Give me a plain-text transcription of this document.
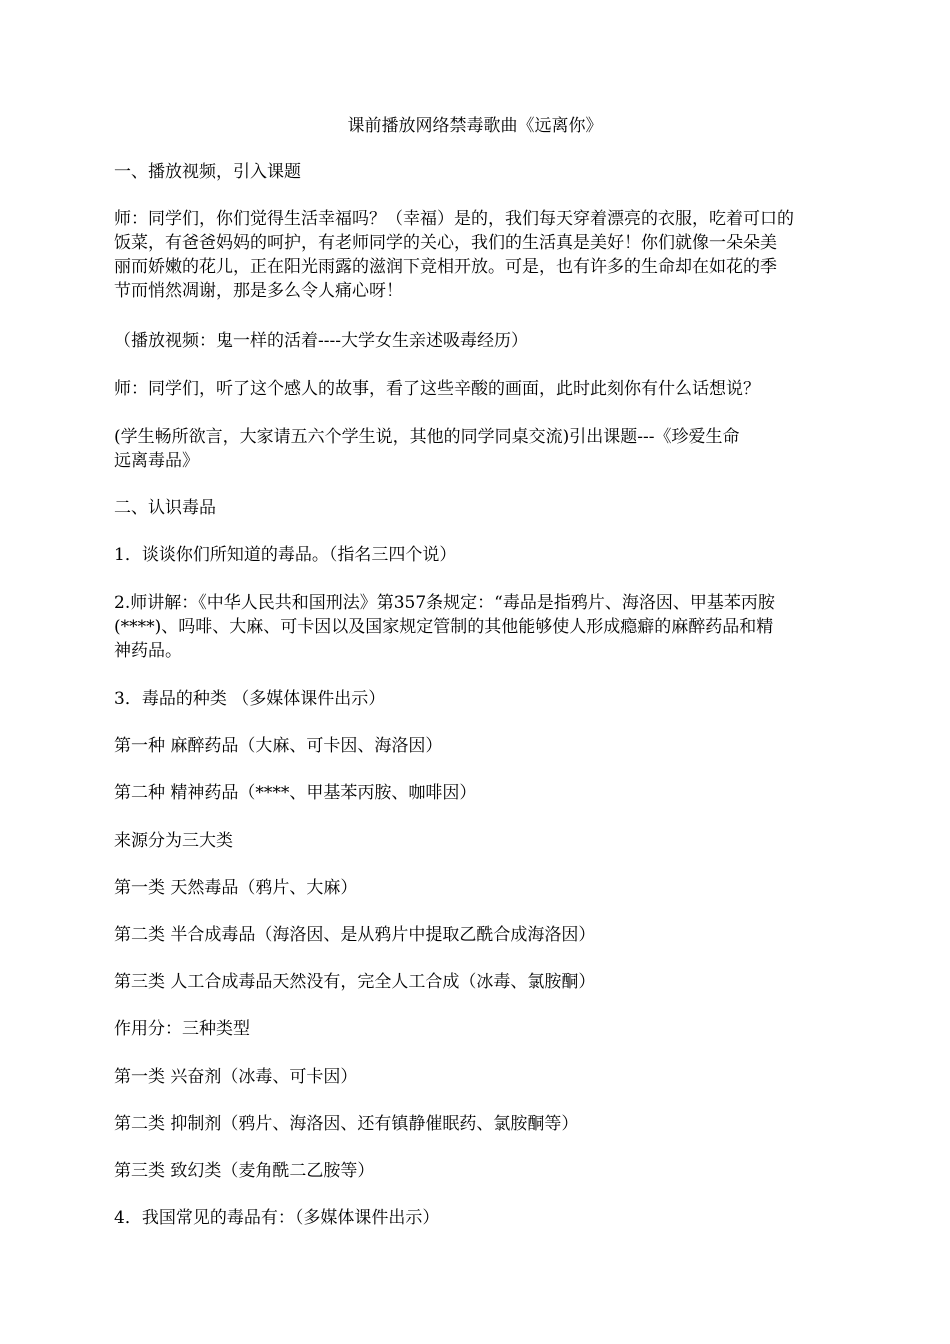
课前播放网络禁毒歌曲《远离你》

一、播放视频，引入课题

师：同学们，你们觉得生活幸福吗？（幸福）是的，我们每天穿着漂亮的衣服，吃着可口的
饭菜，有爸爸妈妈的呵护，有老师同学的关心，我们的生活真是美好！你们就像一朵朵美
丽而娇嫩的花儿，正在阳光雨露的滋润下竞相开放。可是，也有许多的生命却在如花的季
节而悄然凋谢，那是多么令人痛心呀！

（播放视频：鬼一样的活着----大学女生亲述吸毒经历）

师：同学们，听了这个感人的故事，看了这些辛酸的画面，此时此刻你有什么话想说？

(学生畅所欲言，大家请五六个学生说，其他的同学同桌交流)引出课题---《珍爱生命
远离毒品》

二、认识毒品

1．谈谈你们所知道的毒品。（指名三四个说）

2.师讲解：《中华人民共和国刑法》第357条规定：“毒品是指鸦片、海洛因、甲基苯丙胺
(****)、吗啡、大麻、可卡因以及国家规定管制的其他能够使人形成瘾癖的麻醉药品和精
神药品。

3．毒品的种类 （多媒体课件出示）

第一种 麻醉药品（大麻、可卡因、海洛因）

第二种 精神药品（****、甲基苯丙胺、咖啡因）

来源分为三大类

第一类 天然毒品（鸦片、大麻）

第二类 半合成毒品（海洛因、是从鸦片中提取乙酰合成海洛因）

第三类 人工合成毒品天然没有，完全人工合成（冰毒、氯胺酮）

作用分：三种类型

第一类 兴奋剂（冰毒、可卡因）

第二类 抑制剂（鸦片、海洛因、还有镇静催眠药、氯胺酮等）

第三类 致幻类（麦角酰二乙胺等）

4．我国常见的毒品有：（多媒体课件出示）
